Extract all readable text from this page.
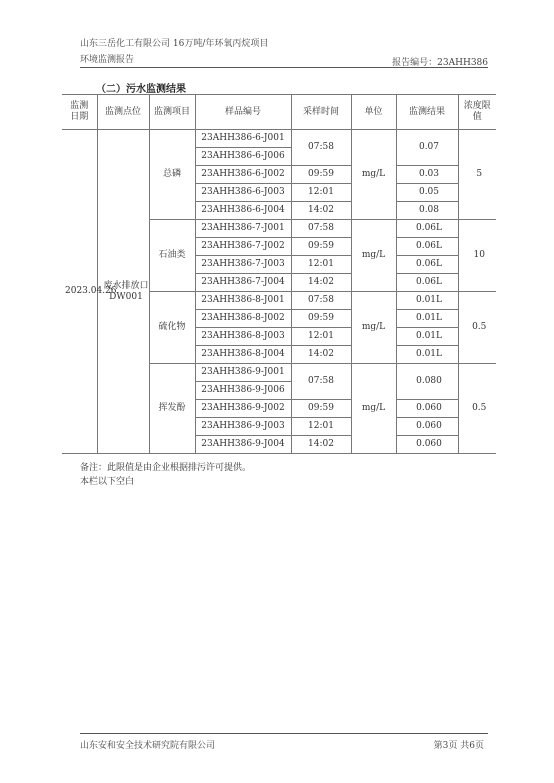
山东三岳化工有限公司 16万吨/年环氧丙烷项目
环境监测报告	报告编号：23AHH386
（二）污水监测结果
监测日期	监测点位	监测项目	样品编号	采样时间	单位	监测结果	浓度限值
2023.04.26	废水排放口DW001	总磷	23AHH386-6-J001	07:58	mg/L	0.07	5
			23AHH386-6-J006				
			23AHH386-6-J002	09:59		0.03	
			23AHH386-6-J003	12:01		0.05	
			23AHH386-6-J004	14:02		0.08	
		石油类	23AHH386-7-J001	07:58	mg/L	0.06L	10
			23AHH386-7-J002	09:59		0.06L	
			23AHH386-7-J003	12:01		0.06L	
			23AHH386-7-J004	14:02		0.06L	
		硫化物	23AHH386-8-J001	07:58	mg/L	0.01L	0.5
			23AHH386-8-J002	09:59		0.01L	
			23AHH386-8-J003	12:01		0.01L	
			23AHH386-8-J004	14:02		0.01L	
		挥发酚	23AHH386-9-J001	07:58	mg/L	0.080	0.5
			23AHH386-9-J006				
			23AHH386-9-J002	09:59		0.060	
			23AHH386-9-J003	12:01		0.060	
			23AHH386-9-J004	14:02		0.060	
备注：此限值是由企业根据排污许可提供。
本栏以下空白
山东安和安全技术研究院有限公司	第3页 共6页
